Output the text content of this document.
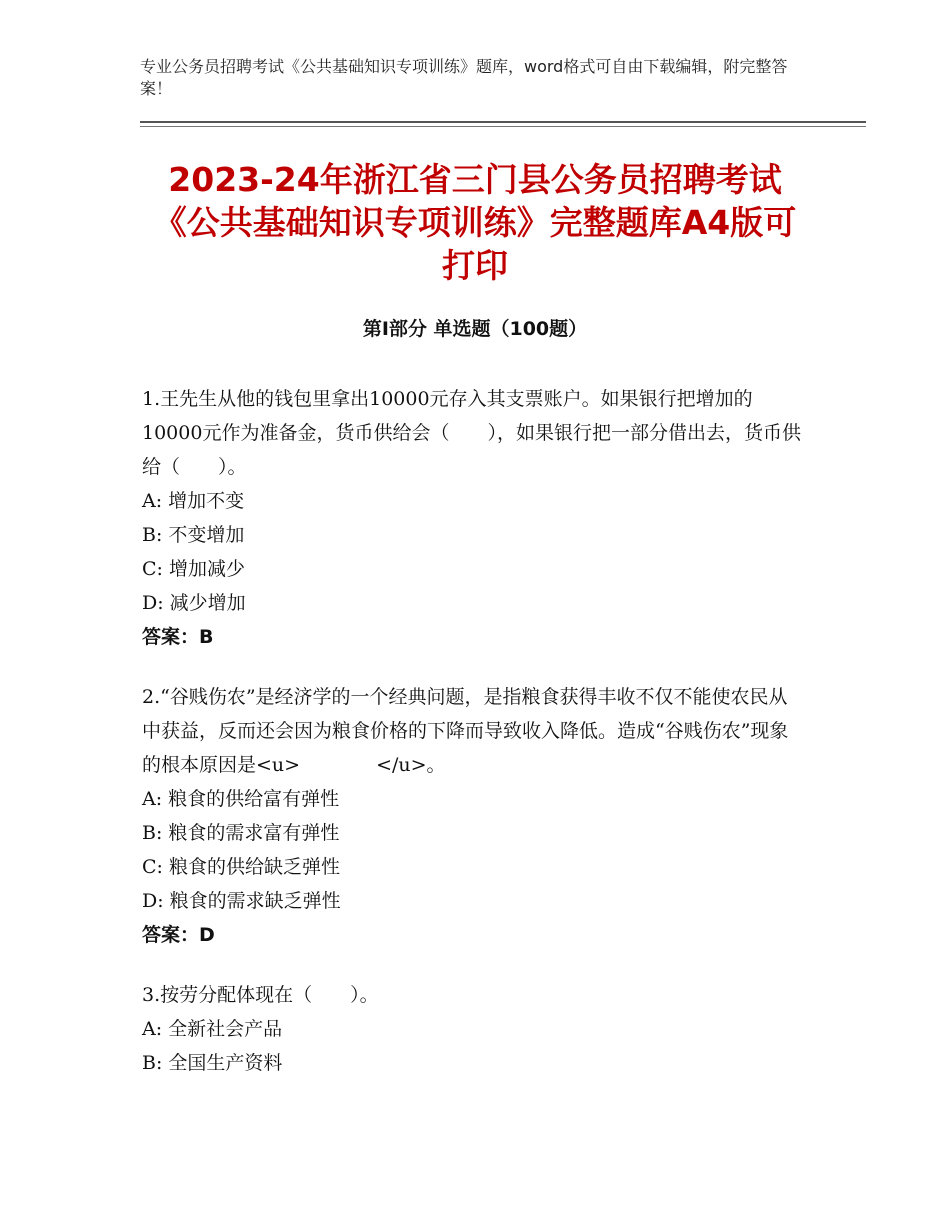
专业公务员招聘考试《公共基础知识专项训练》题库，word格式可自由下载编辑，附完整答案！
2023-24年浙江省三门县公务员招聘考试《公共基础知识专项训练》完整题库A4版可打印
第I部分 单选题（100题）

1.王先生从他的钱包里拿出10000元存入其支票账户。如果银行把增加的10000元作为准备金，货币供给会（　　），如果银行把一部分借出去，货币供给（　　）。

A: 增加不变

B: 不变增加

C: 增加减少

D: 减少增加

答案：B

2.“谷贱伤农”是经济学的一个经典问题，是指粮食获得丰收不仅不能使农民从中获益，反而还会因为粮食价格的下降而导致收入降低。造成“谷贱伤农”现象的根本原因是<u>　　　　</u>。

A: 粮食的供给富有弹性

B: 粮食的需求富有弹性

C: 粮食的供给缺乏弹性

D: 粮食的需求缺乏弹性

答案：D

3.按劳分配体现在（　　）。

A: 全新社会产品

B: 全国生产资料
